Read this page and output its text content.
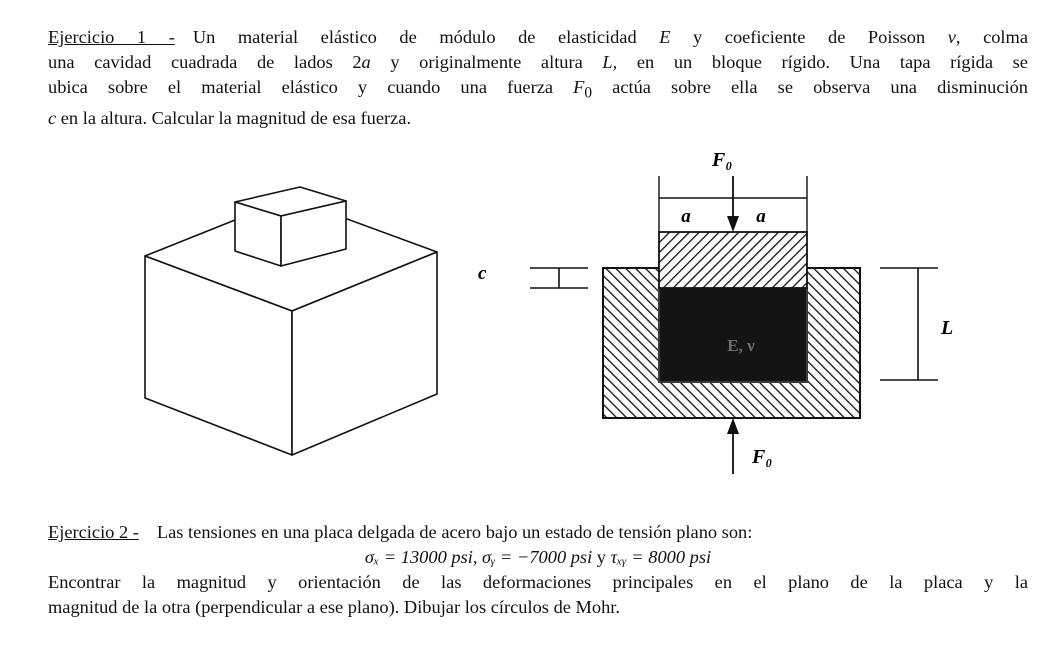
Ejercicio 1 - Un material elástico de módulo de elasticidad E y coeficiente de Poisson ν, colma
una cavidad cuadrada de lados 2a y originalmente altura L, en un bloque rígido. Una tapa rígida se
ubica sobre el material elástico y cuando una fuerza $F_0$ actúa sobre ella se observa una disminución
c en la altura. Calcular la magnitud de esa fuerza.
E, ν
a	a
F₀
F₀
c
L
Ejercicio 2 - Las tensiones en una placa delgada de acero bajo un estado de tensión plano son:
σₓ = 13000 psi, σᵧ = −7000 psi y τₓᵧ = 8000 psi
Encontrar la magnitud y orientación de las deformaciones principales en el plano de la placa y la
magnitud de la otra (perpendicular a ese plano). Dibujar los círculos de Mohr.
